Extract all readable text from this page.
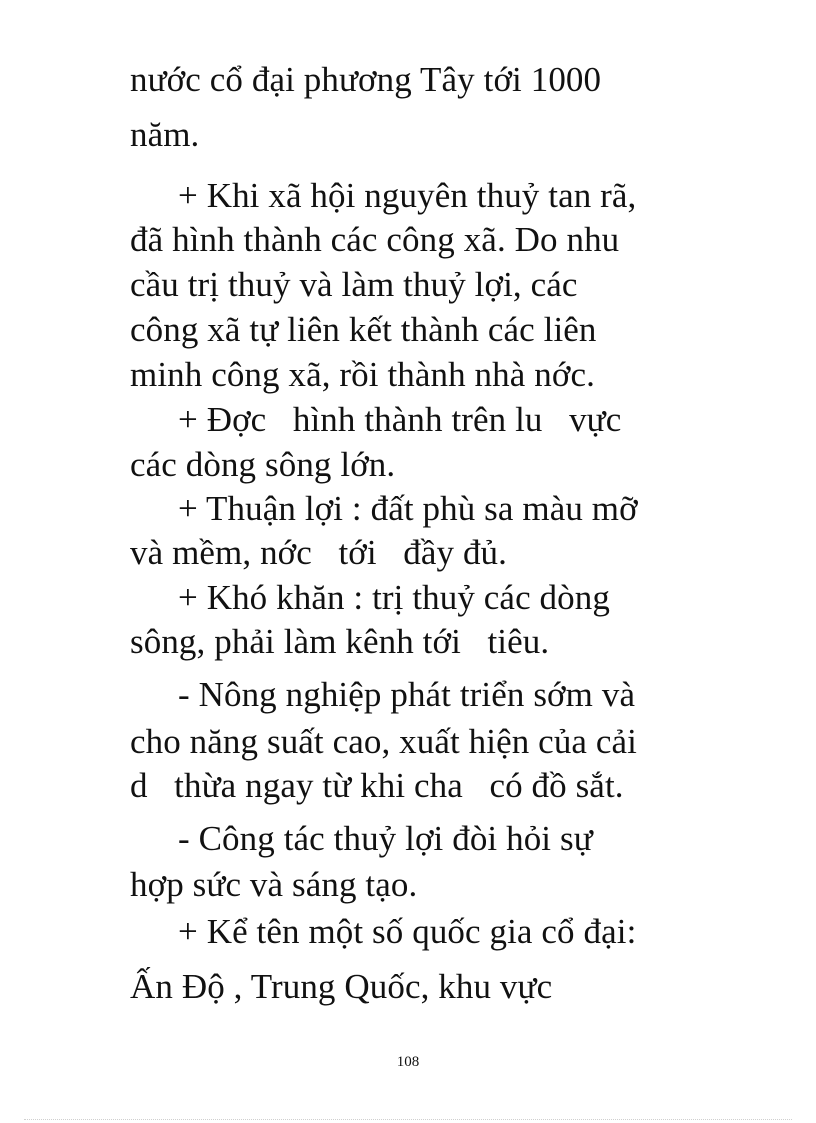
nước cổ đại phương Tây tới 1000
năm.
+ Khi xã hội nguyên thuỷ tan rã,
đã hình thành các công xã. Do nhu
cầu trị thuỷ và làm thuỷ lợi, các
công xã tự liên kết thành các liên
minh công xã, rồi thành nhà nớc.
+ Đợc   hình thành trên lu   vực
các dòng sông lớn.
+ Thuận lợi : đất phù sa màu mỡ
và mềm, nớc   tới   đầy đủ.
+ Khó khăn : trị thuỷ các dòng
sông, phải làm kênh tới   tiêu.
- Nông nghiệp phát triển sớm và
cho năng suất cao, xuất hiện của cải
d   thừa ngay từ khi cha   có đồ sắt.
- Công tác thuỷ lợi đòi hỏi sự
hợp sức và sáng tạo.
+ Kể tên một số quốc gia cổ đại:
Ấn Độ , Trung Quốc, khu vực
108
